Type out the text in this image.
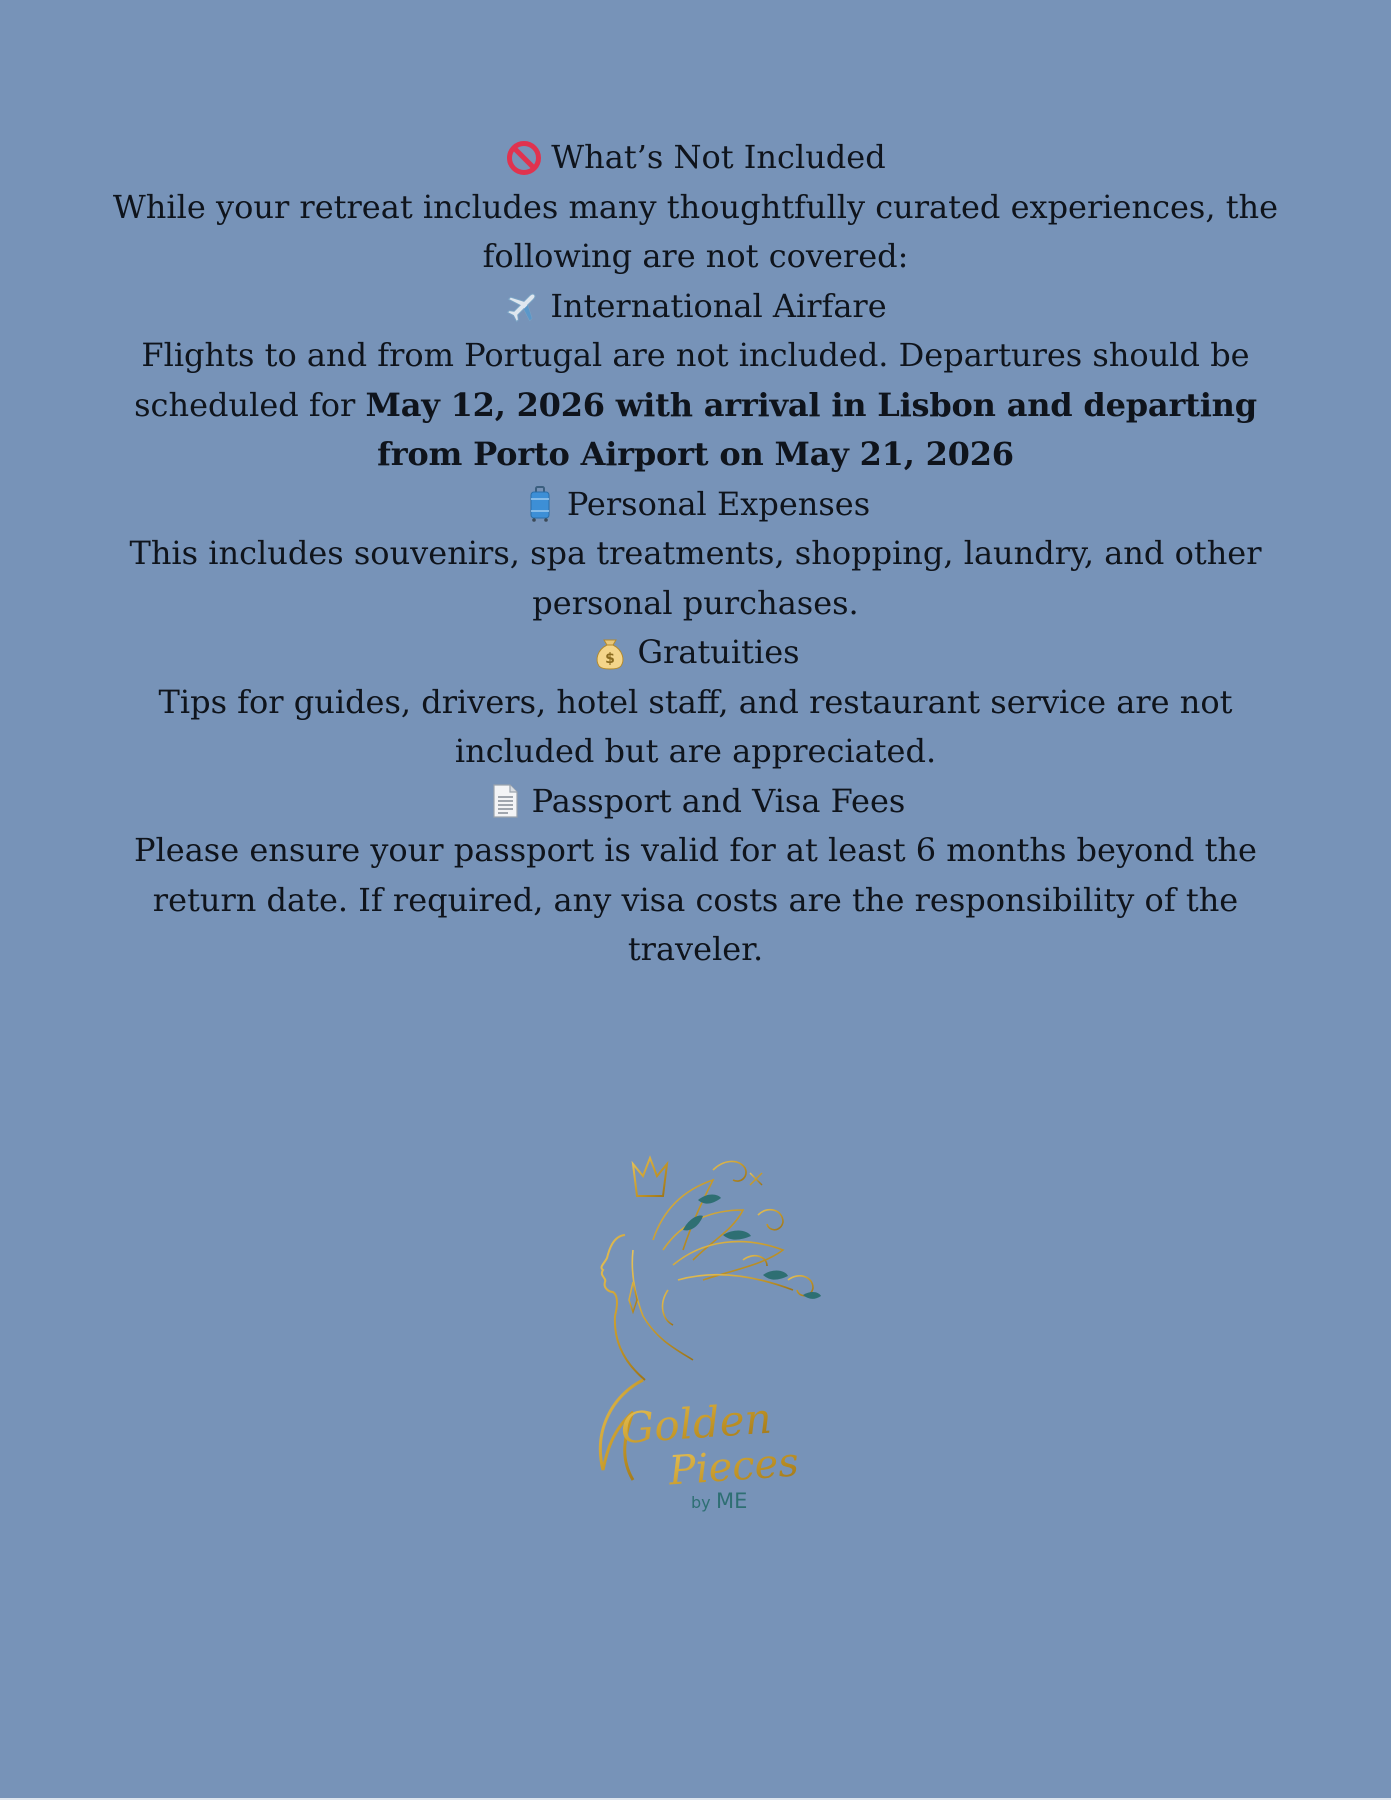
What’s Not Included

While your retreat includes many thoughtfully curated experiences, the following are not covered:

International Airfare

Flights to and from Portugal are not included. Departures should be scheduled for May 12, 2026 with arrival in Lisbon and departing from Porto Airport on May 21, 2026

Personal Expenses

This includes souvenirs, spa treatments, shopping, laundry, and other personal purchases.

$ Gratuities

Tips for guides, drivers, hotel staff, and restaurant service are not included but are appreciated.

Passport and Visa Fees

Please ensure your passport is valid for at least 6 months beyond the return date. If required, any visa costs are the responsibility of the traveler.

Golden
Pieces
by ME
